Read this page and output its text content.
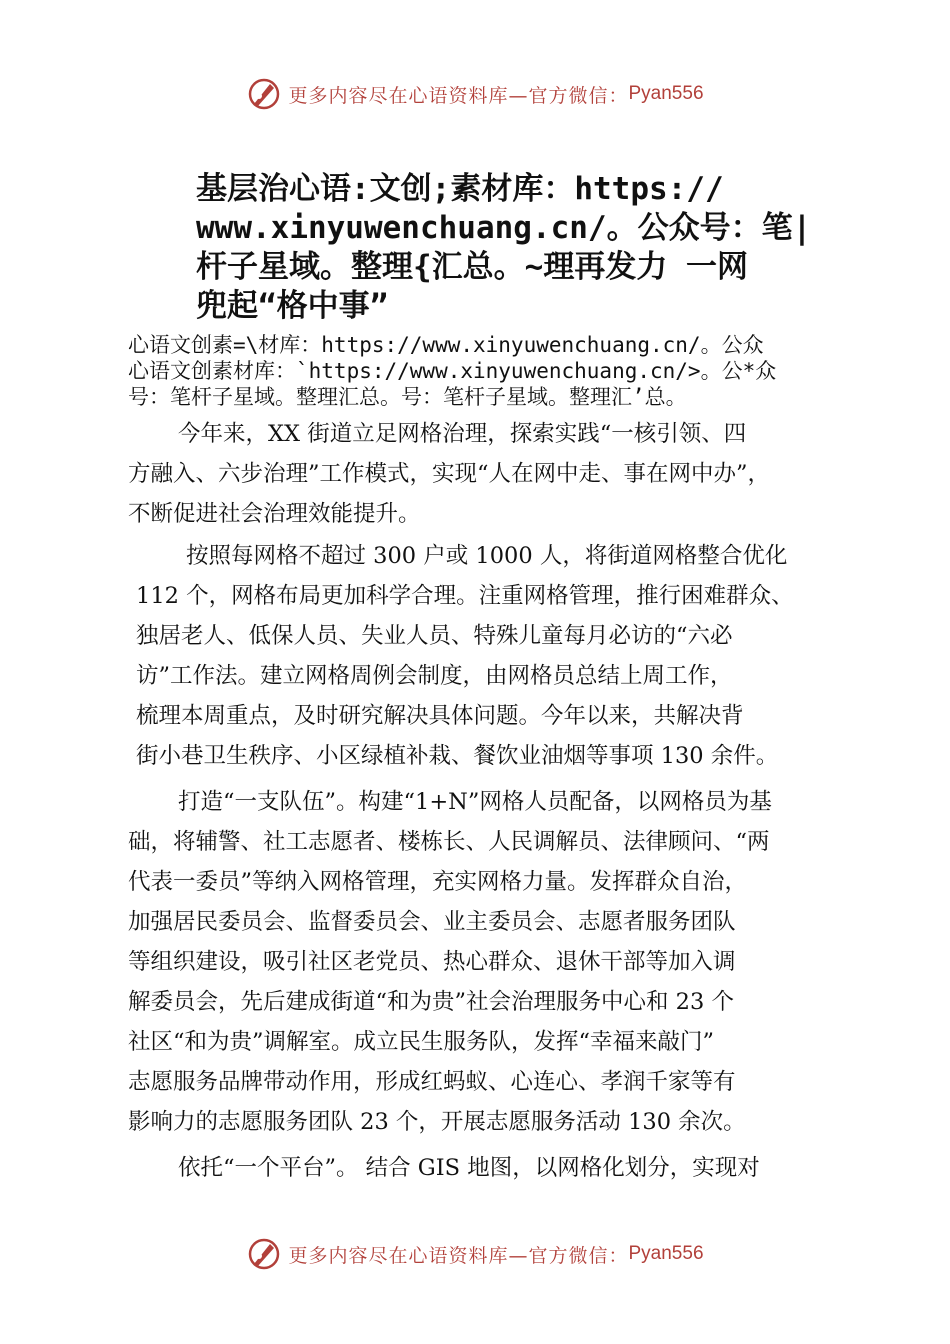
更多内容尽在心语资料库—官方微信： Pyan556
基层治心语:文创;素材库：https://
www.xinyuwenchuang.cn/。公众号：笔|
杆子星域。整理{汇总。~理再发力 一网
兜起“格中事”
心语文创素=\材库：https://www.xinyuwenchuang.cn/。公众
心语文创素材库：`https://www.xinyuwenchuang.cn/>。公*众
号：笔杆子星域。整理汇总。号：笔杆子星域。整理汇’总。

今年来，XX 街道立足网格治理，探索实践“一核引领、四
方融入、六步治理”工作模式，实现“人在网中走、事在网中办”，
不断促进社会治理效能提升。

按照每网格不超过 300 户或 1000 人，将街道网格整合优化
112 个，网格布局更加科学合理。注重网格管理，推行困难群众、
独居老人、低保人员、失业人员、特殊儿童每月必访的“六必
访”工作法。建立网格周例会制度，由网格员总结上周工作，
梳理本周重点，及时研究解决具体问题。今年以来，共解决背
街小巷卫生秩序、小区绿植补栽、餐饮业油烟等事项 130 余件。

打造“一支队伍”。构建“1+N”网格人员配备，以网格员为基
础，将辅警、社工志愿者、楼栋长、人民调解员、法律顾问、“两
代表一委员”等纳入网格管理，充实网格力量。发挥群众自治，
加强居民委员会、监督委员会、业主委员会、志愿者服务团队
等组织建设，吸引社区老党员、热心群众、退休干部等加入调
解委员会，先后建成街道“和为贵”社会治理服务中心和 23 个
社区“和为贵”调解室。成立民生服务队，发挥“幸福来敲门”
志愿服务品牌带动作用，形成红蚂蚁、心连心、孝润千家等有
影响力的志愿服务团队 23 个，开展志愿服务活动 130 余次。

依托“一个平台”。 结合 GIS 地图，以网格化划分，实现对

更多内容尽在心语资料库—官方微信： Pyan556
